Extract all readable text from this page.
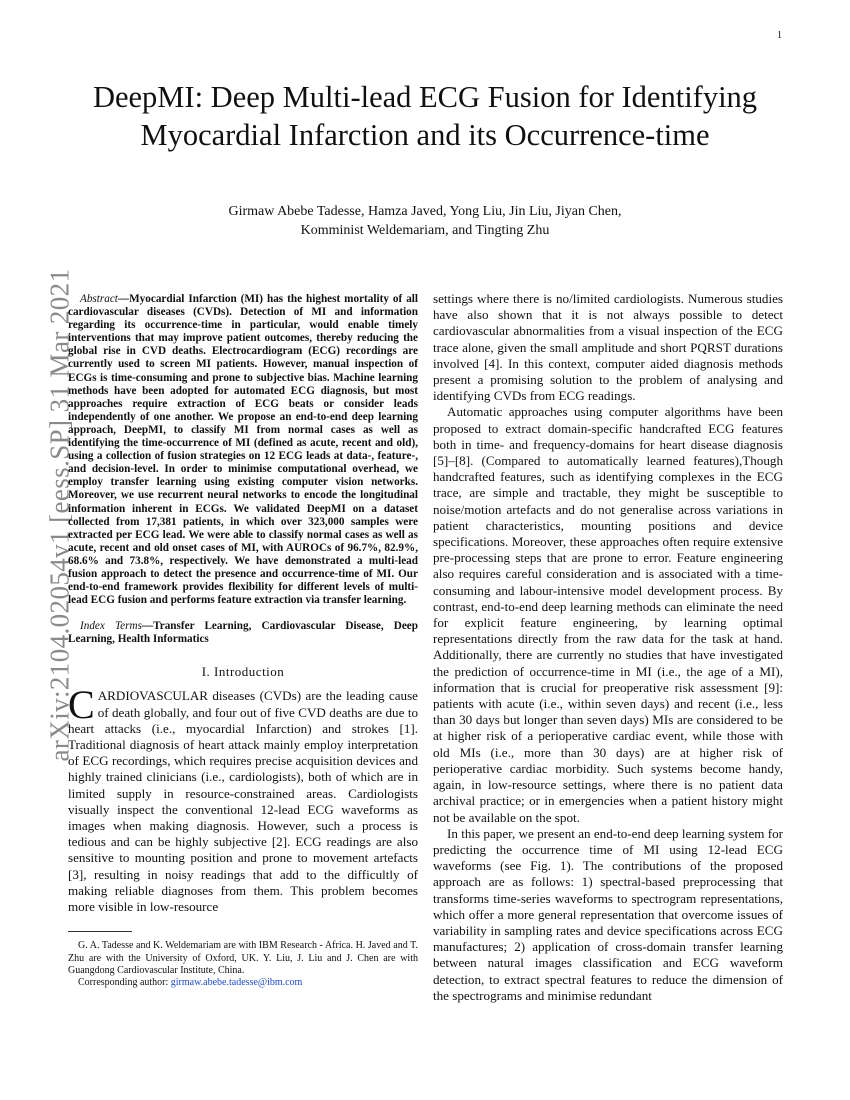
1
arXiv:2104.02054v1 [eess.SP] 31 Mar 2021
DeepMI: Deep Multi-lead ECG Fusion for Identifying Myocardial Infarction and its Occurrence-time
Girmaw Abebe Tadesse, Hamza Javed, Yong Liu, Jin Liu, Jiyan Chen,
Komminist Weldemariam, and Tingting Zhu

Abstract—Myocardial Infarction (MI) has the highest mortality of all cardiovascular diseases (CVDs). Detection of MI and information regarding its occurrence-time in particular, would enable timely interventions that may improve patient outcomes, thereby reducing the global rise in CVD deaths. Electrocardiogram (ECG) recordings are currently used to screen MI patients. However, manual inspection of ECGs is time-consuming and prone to subjective bias. Machine learning methods have been adopted for automated ECG diagnosis, but most approaches require extraction of ECG beats or consider leads independently of one another. We propose an end-to-end deep learning approach, DeepMI, to classify MI from normal cases as well as identifying the time-occurrence of MI (defined as acute, recent and old), using a collection of fusion strategies on 12 ECG leads at data-, feature-, and decision-level. In order to minimise computational overhead, we employ transfer learning using existing computer vision networks. Moreover, we use recurrent neural networks to encode the longitudinal information inherent in ECGs. We validated DeepMI on a dataset collected from 17,381 patients, in which over 323,000 samples were extracted per ECG lead. We were able to classify normal cases as well as acute, recent and old onset cases of MI, with AUROCs of 96.7%, 82.9%, 68.6% and 73.8%, respectively. We have demonstrated a multi-lead fusion approach to detect the presence and occurrence-time of MI. Our end-to-end framework provides flexibility for different levels of multi-lead ECG fusion and performs feature extraction via transfer learning.

Index Terms—Transfer Learning, Cardiovascular Disease, Deep Learning, Health Informatics

I. Introduction

CARDIOVASCULAR diseases (CVDs) are the leading cause of death globally, and four out of five CVD deaths are due to heart attacks (i.e., myocardial Infarction) and strokes [1]. Traditional diagnosis of heart attack mainly employ interpretation of ECG recordings, which requires precise acquisition devices and highly trained clinicians (i.e., cardiologists), both of which are in limited supply in resource-constrained areas. Cardiologists visually inspect the conventional 12-lead ECG waveforms as images when making diagnosis. However, such a process is tedious and can be highly subjective [2]. ECG readings are also sensitive to mounting position and prone to movement artefacts [3], resulting in noisy readings that add to the difficultly of making reliable diagnoses from them. This problem becomes more visible in low-resource

G. A. Tadesse and K. Weldemariam are with IBM Research - Africa. H. Javed and T. Zhu are with the University of Oxford, UK. Y. Liu, J. Liu and J. Chen are with Guangdong Cardiovascular Institute, China.

Corresponding author: girmaw.abebe.tadesse@ibm.com

settings where there is no/limited cardiologists. Numerous studies have also shown that it is not always possible to detect cardiovascular abnormalities from a visual inspection of the ECG trace alone, given the small amplitude and short PQRST durations involved [4]. In this context, computer aided diagnosis methods present a promising solution to the problem of analysing and identifying CVDs from ECG readings.

Automatic approaches using computer algorithms have been proposed to extract domain-specific handcrafted ECG features both in time- and frequency-domains for heart disease diagnosis [5]–[8]. (Compared to automatically learned features),Though handcrafted features, such as identifying complexes in the ECG trace, are simple and tractable, they might be susceptible to noise/motion artefacts and do not generalise across variations in patient characteristics, mounting positions and device specifications. Moreover, these approaches often require extensive pre-processing steps that are prone to error. Feature engineering also requires careful consideration and is associated with a time-consuming and labour-intensive model development process. By contrast, end-to-end deep learning methods can eliminate the need for explicit feature engineering, by learning optimal representations directly from the raw data for the task at hand. Additionally, there are currently no studies that have investigated the prediction of occurrence-time in MI (i.e., the age of a MI), information that is crucial for preoperative risk assessment [9]: patients with acute (i.e., within seven days) and recent (i.e., less than 30 days but longer than seven days) MIs are considered to be at higher risk of a perioperative cardiac event, while those with old MIs (i.e., more than 30 days) are at higher risk of perioperative cardiac morbidity. Such systems become handy, again, in low-resource settings, where there is no patient data archival practice; or in emergencies when a patient history might not be available on the spot.

In this paper, we present an end-to-end deep learning system for predicting the occurrence time of MI using 12-lead ECG waveforms (see Fig. 1). The contributions of the proposed approach are as follows: 1) spectral-based preprocessing that transforms time-series waveforms to spectrogram representations, which offer a more general representation that overcome issues of variability in sampling rates and device specifications across ECG manufactures; 2) application of cross-domain transfer learning between natural images classification and ECG waveform detection, to extract spectral features to reduce the dimension of the spectrograms and minimise redundant
